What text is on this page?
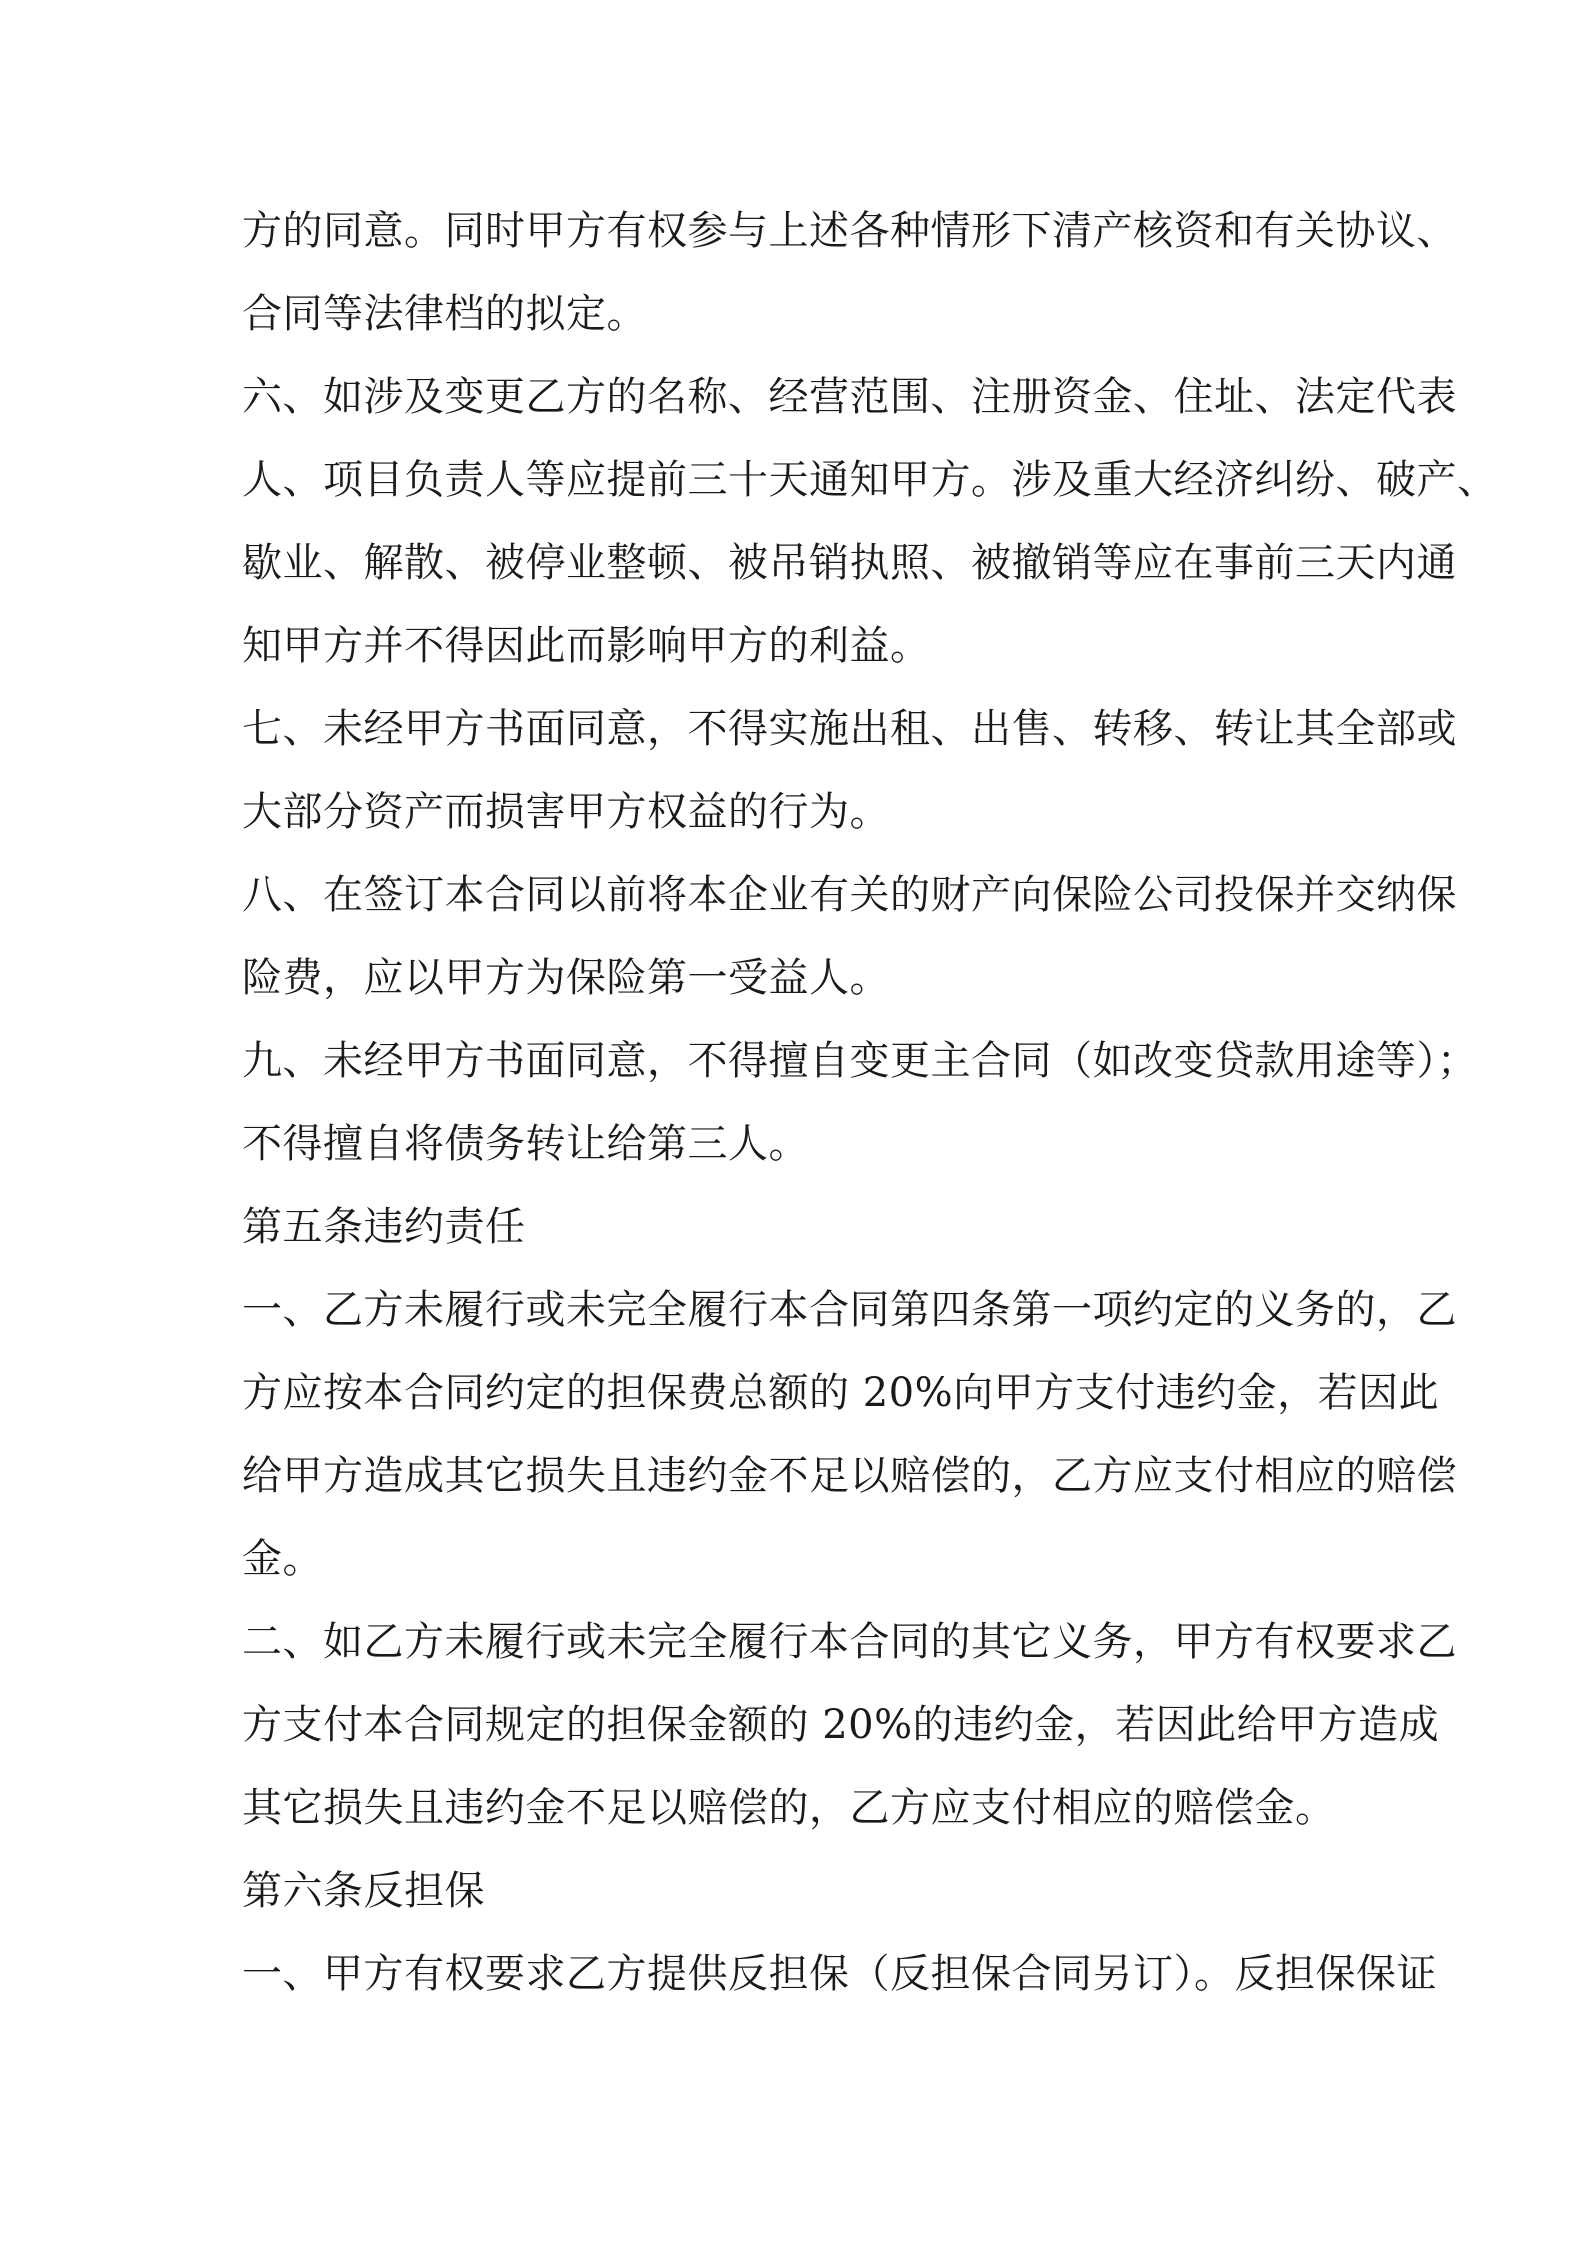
方的同意。同时甲方有权参与上述各种情形下清产核资和有关协议、
合同等法律档的拟定。
六、如涉及变更乙方的名称、经营范围、注册资金、住址、法定代表
人、项目负责人等应提前三十天通知甲方。涉及重大经济纠纷、破产、
歇业、解散、被停业整顿、被吊销执照、被撤销等应在事前三天内通
知甲方并不得因此而影响甲方的利益。
七、未经甲方书面同意，不得实施出租、出售、转移、转让其全部或
大部分资产而损害甲方权益的行为。
八、在签订本合同以前将本企业有关的财产向保险公司投保并交纳保
险费，应以甲方为保险第一受益人。
九、未经甲方书面同意，不得擅自变更主合同（如改变贷款用途等）；
不得擅自将债务转让给第三人。
第五条违约责任
一、乙方未履行或未完全履行本合同第四条第一项约定的义务的，乙
方应按本合同约定的担保费总额的 20%向甲方支付违约金，若因此
给甲方造成其它损失且违约金不足以赔偿的，乙方应支付相应的赔偿
金。
二、如乙方未履行或未完全履行本合同的其它义务，甲方有权要求乙
方支付本合同规定的担保金额的 20%的违约金，若因此给甲方造成
其它损失且违约金不足以赔偿的，乙方应支付相应的赔偿金。
第六条反担保
一、甲方有权要求乙方提供反担保（反担保合同另订）。反担保保证
